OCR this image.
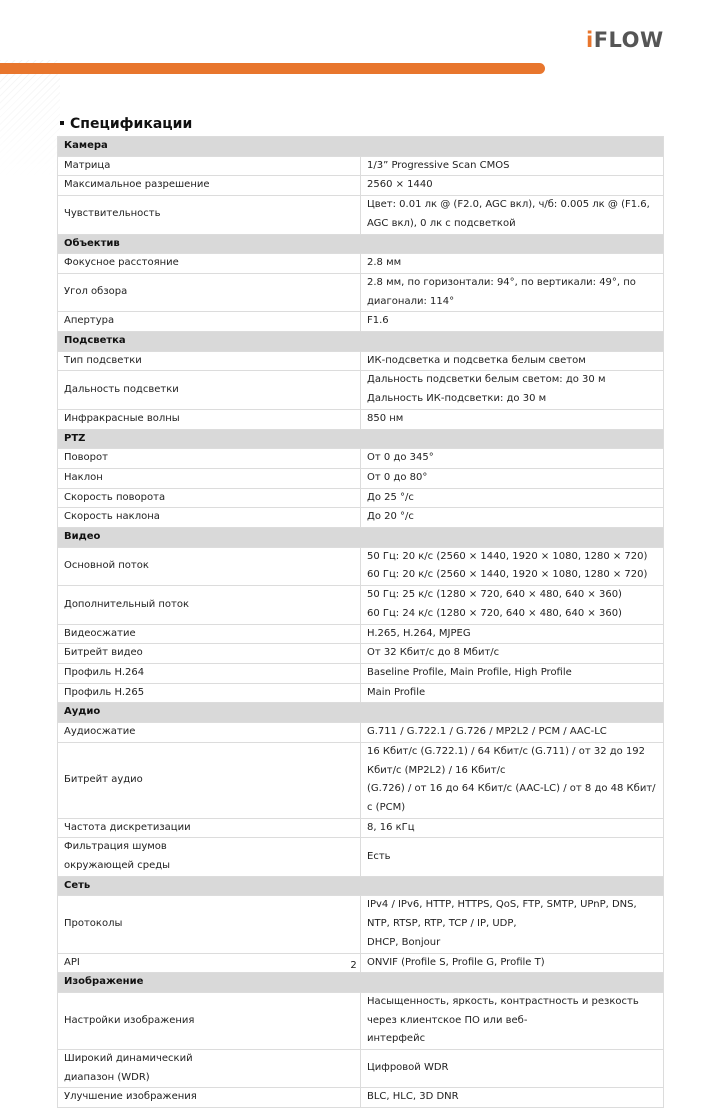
iFLOW
Спецификации
Камера	
Матрица	1/3” Progressive Scan CMOS

Максимальное разрешение	2560 × 1440

Чувствительность	Цвет: 0.01 лк @ (F2.0, AGC вкл), ч/б: 0.005 лк @ (F1.6, AGC вкл), 0 лк с подсветкой

Объектив	
Фокусное расстояние	2.8 мм

Угол обзора	2.8 мм, по горизонтали: 94°, по вертикали: 49°, по диагонали: 114°

Апертура	F1.6

Подсветка	
Тип подсветки	ИК-подсветка и подсветка белым светом

Дальность подсветки	Дальность подсветки белым светом: до 30 м
Дальность ИК-подсветки: до 30 м

Инфракрасные волны	850 нм

PTZ	
Поворот	От 0 до 345°

Наклон	От 0 до 80°

Скорость поворота	До 25 °/с

Скорость наклона	До 20 °/с

Видео	
Основной поток	50 Гц: 20 к/с (2560 × 1440, 1920 × 1080, 1280 × 720)
60 Гц: 20 к/с (2560 × 1440, 1920 × 1080, 1280 × 720)

Дополнительный поток	50 Гц: 25 к/с (1280 × 720, 640 × 480, 640 × 360)
60 Гц: 24 к/с (1280 × 720, 640 × 480, 640 × 360)

Видеосжатие	H.265, H.264, MJPEG

Битрейт видео	От 32 Кбит/с до 8 Мбит/с

Профиль H.264	Baseline Profile, Main Profile, High Profile

Профиль H.265	Main Profile

Аудио	
Аудиосжатие	G.711 / G.722.1 / G.726 / MP2L2 / PCM / AAC-LC

Битрейт аудио	16 Кбит/с (G.722.1) / 64 Кбит/с (G.711) / от 32 до 192 Кбит/с (MP2L2) / 16 Кбит/с
(G.726) / от 16 до 64 Кбит/с (AAC-LC) / от 8 до 48 Кбит/с (PCM)

Частота дискретизации	8, 16 кГц

Фильтрация шумов
окружающей среды	Есть

Сеть	
Протоколы	IPv4 / IPv6, HTTP, HTTPS, QoS, FTP, SMTP, UPnP, DNS, NTP, RTSP, RTP, TCP / IP, UDP,
DHCP, Bonjour

API	ONVIF (Profile S, Profile G, Profile T)

Изображение	
Настройки изображения	Насыщенность, яркость, контрастность и резкость через клиентское ПО или веб-
интерфейс

Широкий динамический
диапазон (WDR)	Цифровой WDR

Улучшение изображения	BLC, HLC, 3D DNR
2
